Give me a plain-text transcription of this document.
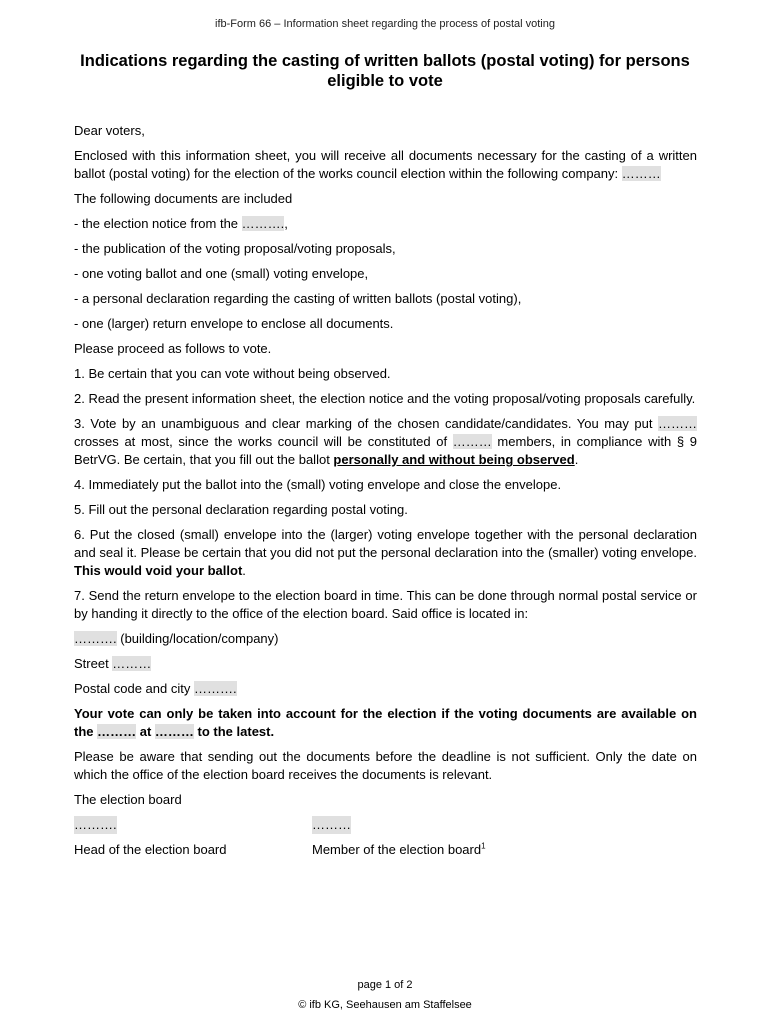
ifb-Form 66 – Information sheet regarding the process of postal voting
Indications regarding the casting of written ballots (postal voting) for persons eligible to vote

Dear voters,

Enclosed with this information sheet, you will receive all documents necessary for the casting of a written ballot (postal voting) for the election of the works council election within the following company: ………

The following documents are included

- the election notice from the ……….,

- the publication of the voting proposal/voting proposals,

- one voting ballot and one (small) voting envelope,

- a personal declaration regarding the casting of written ballots (postal voting),

- one (larger) return envelope to enclose all documents.

Please proceed as follows to vote.

1. Be certain that you can vote without being observed.

2. Read the present information sheet, the election notice and the voting proposal/voting proposals carefully.

3. Vote by an unambiguous and clear marking of the chosen candidate/candidates. You may put ……… crosses at most, since the works council will be constituted of ……… members, in compliance with § 9 BetrVG. Be certain, that you fill out the ballot personally and without being observed.

4. Immediately put the ballot into the (small) voting envelope and close the envelope.

5. Fill out the personal declaration regarding postal voting.

6. Put the closed (small) envelope into the (larger) voting envelope together with the personal declaration and seal it. Please be certain that you did not put the personal declaration into the (smaller) voting envelope. This would void your ballot.

7. Send the return envelope to the election board in time. This can be done through normal postal service or by handing it directly to the office of the election board. Said office is located in:

………. (building/location/company)

Street ………

Postal code and city ……….

Your vote can only be taken into account for the election if the voting documents are available on the ……… at ……… to the latest.

Please be aware that sending out the documents before the deadline is not sufficient. Only the date on which the office of the election board receives the documents is relevant.

The election board

……….	………
Head of the election board	Member of the election board$^1$
page 1 of 2
© ifb KG, Seehausen am Staffelsee
